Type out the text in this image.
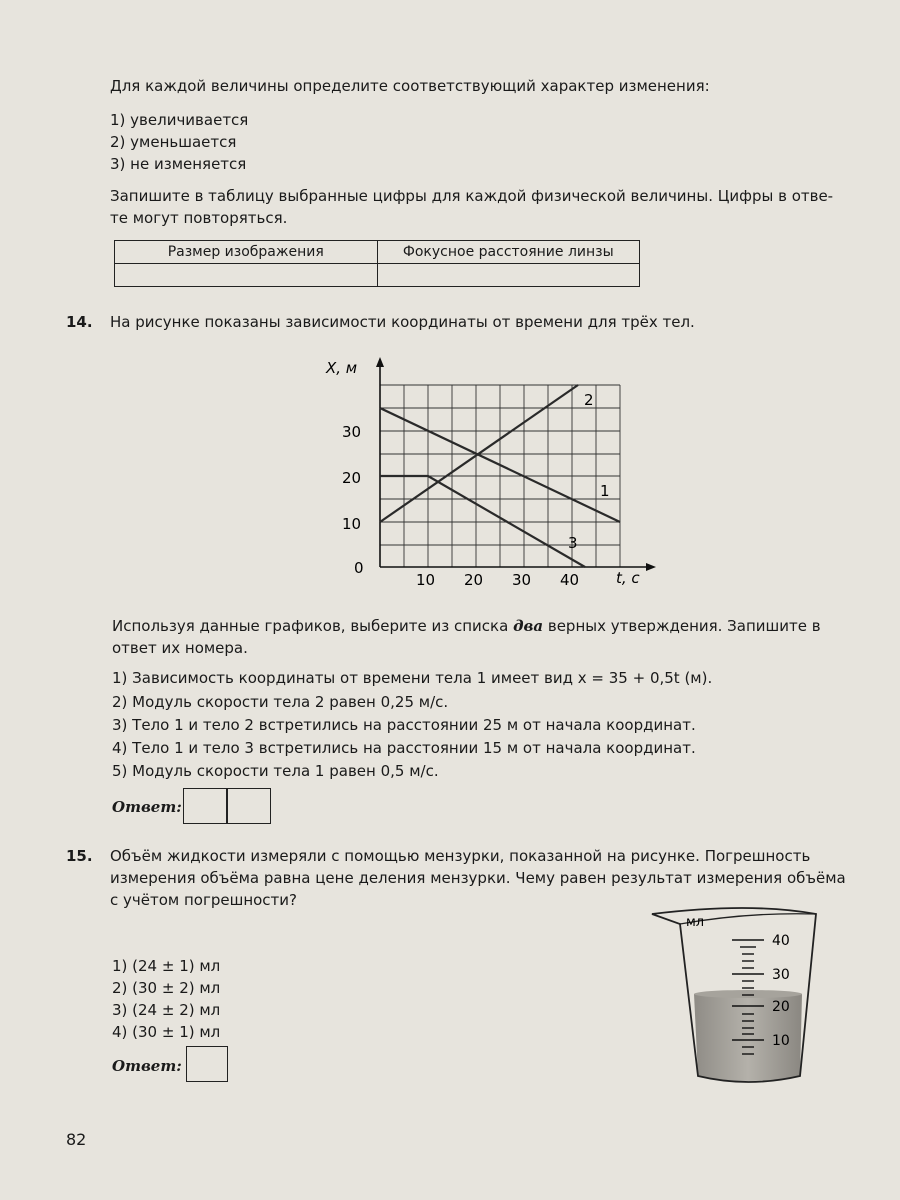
Для каждой величины определите соответствующий характер изменения:
1) увеличивается
2) уменьшается
3) не изменяется
Запишите в таблицу выбранные цифры для каждой физической величины. Цифры в отве-
те могут повторяться.
Размер изображения	Фокусное расстояние линзы

14. На рисунке показаны зависимости координаты от времени для трёх тел.
X, м
30
20
10
0
10 20 30 40 t, с
1
2
3
Используя данные графиков, выберите из списка два верных утверждения. Запишите в
ответ их номера.
1) Зависимость координаты от времени тела 1 имеет вид x = 35 + 0,5t (м).
2) Модуль скорости тела 2 равен 0,25 м/с.
3) Тело 1 и тело 2 встретились на расстоянии 25 м от начала координат.
4) Тело 1 и тело 3 встретились на расстоянии 15 м от начала координат.
5) Модуль скорости тела 1 равен 0,5 м/с.
Ответ:
15. Объём жидкости измеряли с помощью мензурки, показанной на рисунке. Погрешность
измерения объёма равна цене деления мензурки. Чему равен результат измерения объёма
с учётом погрешности?
1) (24 ± 1) мл
2) (30 ± 2) мл
3) (24 ± 2) мл
4) (30 ± 1) мл
Ответ:
мл
40
30
20
10
82
